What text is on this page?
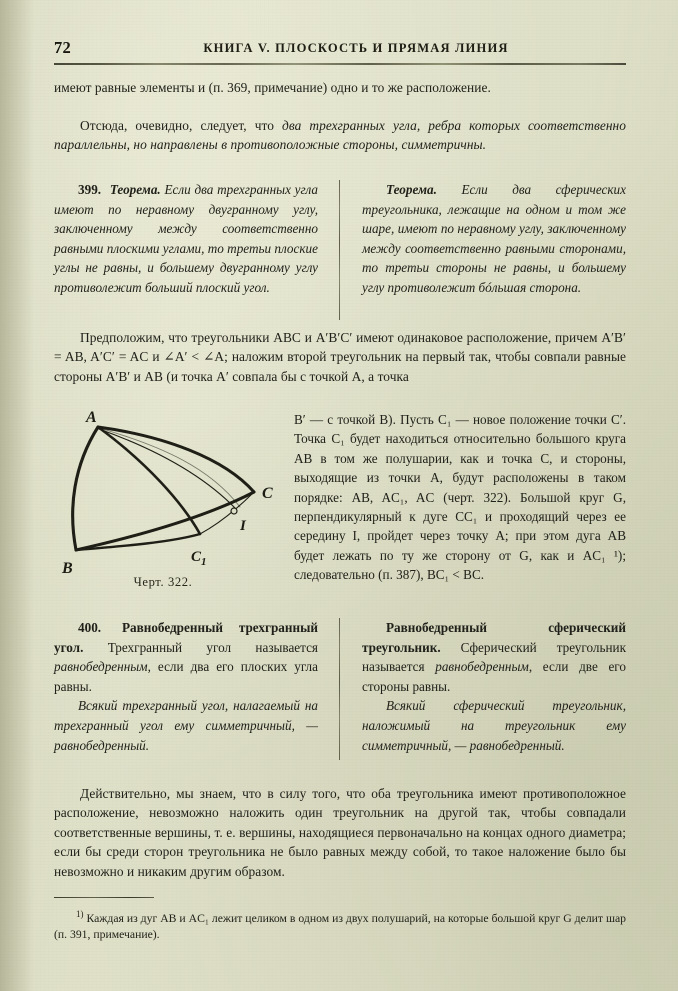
72	КНИГА V. ПЛОСКОСТЬ И ПРЯМАЯ ЛИНИЯ
имеют равные элементы и (п. 369, примечание) одно и то же расположение.
Отсюда, очевидно, следует, что два трехгранных угла, ребра которых соответственно параллельны, но направлены в противоположные стороны, симметричны.
399. Теорема. Если два трехгранных угла имеют по неравному двугранному углу, заключенному между соответственно равными плоскими углами, то третьи плоские углы не равны, и большему двугранному углу противолежит больший плоский угол.
Теорема. Если два сферических треугольника, лежащие на одном и том же шаре, имеют по неравному углу, заключенному между соответственно равными сторонами, то третьи стороны не равны, и большему углу противолежит бóльшая сторона.
Предположим, что треугольники ABC и A′B′C′ имеют одинаковое расположение, причем A′B′ = AB, A′C′ = AC и ∠A′ < ∠A; наложим второй треугольник на первый так, чтобы совпали равные стороны A′B′ и AB (и точка A′ совпала бы с точкой A, а точка
A
B
C
$C_1$
I
Черт. 322.
B′ — с точкой B). Пусть C₁ — новое положение точки C′. Точка C₁ будет находиться относительно большого круга AB в том же полушарии, как и точка C, и стороны, выходящие из точки A, будут расположены в таком порядке: AB, AC₁, AC (черт. 322). Большой круг G, перпендикулярный к дуге CC₁ и проходящий через ее середину I, пройдет через точку A; при этом дуга AB будет лежать по ту же сторону от G, как и AC₁ ¹); следовательно (п. 387), BC₁ < BC.
400. Равнобедренный трехгранный угол. Трехгранный угол называется равнобедренным, если два его плоских угла равны.
Всякий трехгранный угол, налагаемый на трехгранный угол ему симметричный, — равнобедренный.
Равнобедренный сферический треугольник. Сферический треугольник называется равнобедренным, если две его стороны равны.
Всякий сферический треугольник, наложимый на треугольник ему симметричный, — равнобедренный.
Действительно, мы знаем, что в силу того, что оба треугольника имеют противоположное расположение, невозможно наложить один треугольник на другой так, чтобы совпадали соответственные вершины, т. е. вершины, находящиеся первоначально на концах одного диаметра; если бы среди сторон треугольника не было равных между собой, то такое наложение было бы невозможно и никаким другим образом.
$^{1)}$ Каждая из дуг AB и AC₁ лежит целиком в одном из двух полушарий, на которые большой круг G делит шар (п. 391, примечание).
